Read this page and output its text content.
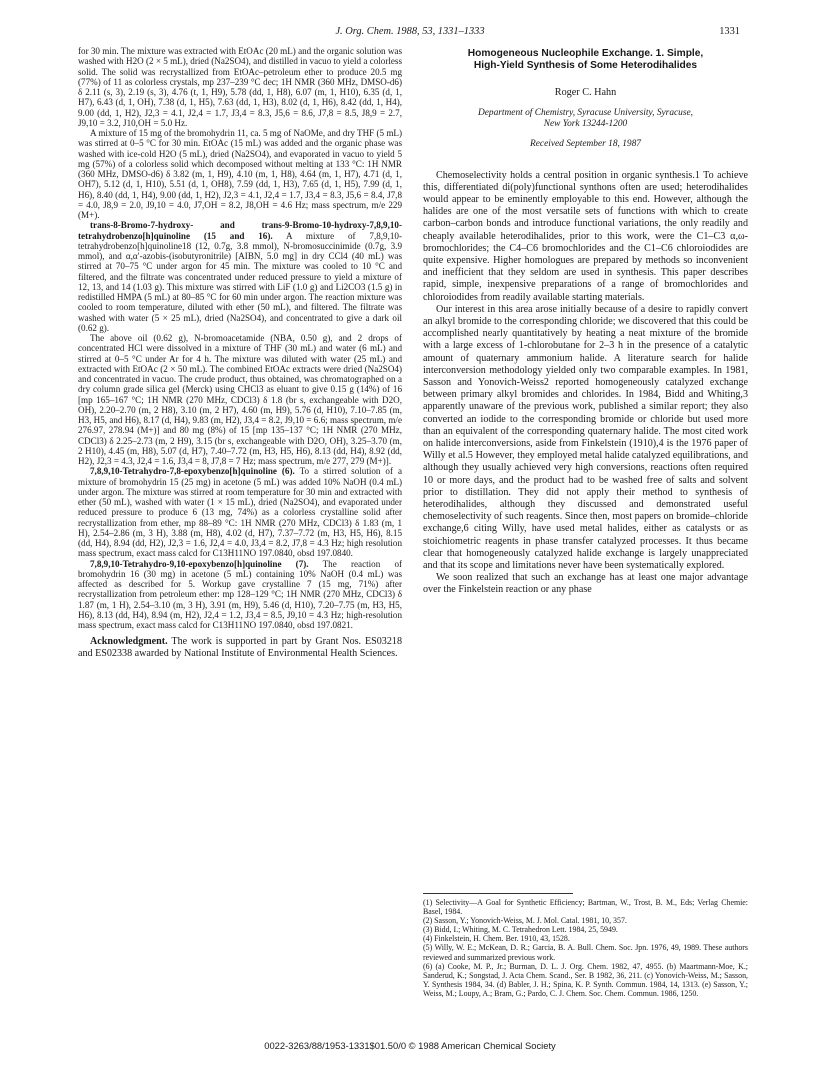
J. Org. Chem. 1988, 53, 1331–1333	1331

for 30 min. The mixture was extracted with EtOAc (20 mL) and the organic solution was washed with H2O (2 × 5 mL), dried (Na2SO4), and distilled in vacuo to yield a colorless solid. The solid was recrystallized from EtOAc–petroleum ether to produce 20.5 mg (77%) of 11 as colorless crystals, mp 237–239 °C dec; 1H NMR (360 MHz, DMSO-d6) δ 2.11 (s, 3), 2.19 (s, 3), 4.76 (t, 1, H9), 5.78 (dd, 1, H8), 6.07 (m, 1, H10), 6.35 (d, 1, H7), 6.43 (d, 1, OH), 7.38 (d, 1, H5), 7.63 (dd, 1, H3), 8.02 (d, 1, H6), 8.42 (dd, 1, H4), 9.00 (dd, 1, H2), J2,3 = 4.1, J2,4 = 1.7, J3,4 = 8.3, J5,6 = 8.6, J7,8 = 8.5, J8,9 = 2.7, J9,10 = 3.2, J10,OH = 5.0 Hz.

A mixture of 15 mg of the bromohydrin 11, ca. 5 mg of NaOMe, and dry THF (5 mL) was stirred at 0–5 °C for 30 min. EtOAc (15 mL) was added and the organic phase was washed with ice-cold H2O (5 mL), dried (Na2SO4), and evaporated in vacuo to yield 5 mg (57%) of a colorless solid which decomposed without melting at 133 °C: 1H NMR (360 MHz, DMSO-d6) δ 3.82 (m, 1, H9), 4.10 (m, 1, H8), 4.64 (m, 1, H7), 4.71 (d, 1, OH7), 5.12 (d, 1, H10), 5.51 (d, 1, OH8), 7.59 (dd, 1, H3), 7.65 (d, 1, H5), 7.99 (d, 1, H6), 8.40 (dd, 1, H4), 9.00 (dd, 1, H2), J2,3 = 4.1, J2,4 = 1.7, J3,4 = 8.3, J5,6 = 8.4, J7,8 = 4.0, J8,9 = 2.0, J9,10 = 4.0, J7,OH = 8.2, J8,OH = 4.6 Hz; mass spectrum, m/e 229 (M+).

trans-8-Bromo-7-hydroxy- and trans-9-Bromo-10-hydroxy-7,8,9,10-tetrahydrobenzo[h]quinoline (15 and 16). A mixture of 7,8,9,10-tetrahydrobenzo[h]quinoline18 (12, 0.7g, 3.8 mmol), N-bromosuccinimide (0.7g, 3.9 mmol), and α,α′-azobis-(isobutyronitrile) [AIBN, 5.0 mg] in dry CCl4 (40 mL) was stirred at 70–75 °C under argon for 45 min. The mixture was cooled to 10 °C and filtered, and the filtrate was concentrated under reduced pressure to yield a mixture of 12, 13, and 14 (1.03 g). This mixture was stirred with LiF (1.0 g) and Li2CO3 (1.5 g) in redistilled HMPA (5 mL) at 80–85 °C for 60 min under argon. The reaction mixture was cooled to room temperature, diluted with ether (50 mL), and filtered. The filtrate was washed with water (5 × 25 mL), dried (Na2SO4), and concentrated to give a dark oil (0.62 g).

The above oil (0.62 g), N-bromoacetamide (NBA, 0.50 g), and 2 drops of concentrated HCl were dissolved in a mixture of THF (30 mL) and water (6 mL) and stirred at 0–5 °C under Ar for 4 h. The mixture was diluted with water (25 mL) and extracted with EtOAc (2 × 50 mL). The combined EtOAc extracts were dried (Na2SO4) and concentrated in vacuo. The crude product, thus obtained, was chromatographed on a dry column grade silica gel (Merck) using CHCl3 as eluant to give 0.15 g (14%) of 16 [mp 165–167 °C; 1H NMR (270 MHz, CDCl3) δ 1.8 (br s, exchangeable with D2O, OH), 2.20–2.70 (m, 2 H8), 3.10 (m, 2 H7), 4.60 (m, H9), 5.76 (d, H10), 7.10–7.85 (m, H3, H5, and H6), 8.17 (d, H4), 9.83 (m, H2), J3,4 = 8.2, J9,10 = 6.6; mass spectrum, m/e 276.97, 278.94 (M+)] and 80 mg (8%) of 15 [mp 135–137 °C; 1H NMR (270 MHz, CDCl3) δ 2.25–2.73 (m, 2 H9), 3.15 (br s, exchangeable with D2O, OH), 3.25–3.70 (m, 2 H10), 4.45 (m, H8), 5.07 (d, H7), 7.40–7.72 (m, H3, H5, H6), 8.13 (dd, H4), 8.92 (dd, H2), J2,3 = 4.3, J2,4 = 1.6, J3,4 = 8, J7,8 = 7 Hz; mass spectrum, m/e 277, 279 (M+)].

7,8,9,10-Tetrahydro-7,8-epoxybenzo[h]quinoline (6). To a stirred solution of a mixture of bromohydrin 15 (25 mg) in acetone (5 mL) was added 10% NaOH (0.4 mL) under argon. The mixture was stirred at room temperature for 30 min and extracted with ether (50 mL), washed with water (1 × 15 mL), dried (Na2SO4), and evaporated under reduced pressure to produce 6 (13 mg, 74%) as a colorless crystalline solid after recrystallization from ether, mp 88–89 °C: 1H NMR (270 MHz, CDCl3) δ 1.83 (m, 1 H), 2.54–2.86 (m, 3 H), 3.88 (m, H8), 4.02 (d, H7), 7.37–7.72 (m, H3, H5, H6), 8.15 (dd, H4), 8.94 (dd, H2), J2,3 = 1.6, J2,4 = 4.0, J3,4 = 8.2, J7,8 = 4.3 Hz; high resolution mass spectrum, exact mass calcd for C13H11NO 197.0840, obsd 197.0840.

7,8,9,10-Tetrahydro-9,10-epoxybenzo[h]quinoline (7). The reaction of bromohydrin 16 (30 mg) in acetone (5 mL) containing 10% NaOH (0.4 mL) was affected as described for 5. Workup gave crystalline 7 (15 mg, 71%) after recrystallization from petroleum ether: mp 128–129 °C; 1H NMR (270 MHz, CDCl3) δ 1.87 (m, 1 H), 2.54–3.10 (m, 3 H), 3.91 (m, H9), 5.46 (d, H10), 7.20–7.75 (m, H3, H5, H6), 8.13 (dd, H4), 8.94 (m, H2), J2,4 = 1.2, J3,4 = 8.5, J9,10 = 4.3 Hz; high-resolution mass spectrum, exact mass calcd for C13H11NO 197.0840, obsd 197.0821.

Acknowledgment. The work is supported in part by Grant Nos. ES03218 and ES02338 awarded by National Institute of Environmental Health Sciences.

Homogeneous Nucleophile Exchange. 1. Simple,
High-Yield Synthesis of Some Heterodihalides
Roger C. Hahn
Department of Chemistry, Syracuse University, Syracuse,
New York 13244-1200
Received September 18, 1987

Chemoselectivity holds a central position in organic synthesis.1 To achieve this, differentiated di(poly)functional synthons often are used; heterodihalides would appear to be eminently employable to this end. However, although the halides are one of the most versatile sets of functions with which to create carbon–carbon bonds and introduce functional variations, the only readily and cheaply available heterodihalides, prior to this work, were the C1–C3 α,ω-bromochlorides; the C4–C6 bromochlorides and the C1–C6 chloroiodides are quite expensive. Higher homologues are prepared by methods so inconvenient and inefficient that they seldom are used in synthesis. This paper describes rapid, simple, inexpensive preparations of a range of bromochlorides and chloroiodides from readily available starting materials.

Our interest in this area arose initially because of a desire to rapidly convert an alkyl bromide to the corresponding chloride; we discovered that this could be accomplished nearly quantitatively by heating a neat mixture of the bromide with a large excess of 1-chlorobutane for 2–3 h in the presence of a catalytic amount of quaternary ammonium halide. A literature search for halide interconversion methodology yielded only two comparable examples. In 1981, Sasson and Yonovich-Weiss2 reported homogeneously catalyzed exchange between primary alkyl bromides and chlorides. In 1984, Bidd and Whiting,3 apparently unaware of the previous work, published a similar report; they also converted an iodide to the corresponding bromide or chloride but used more than an equivalent of the corresponding quaternary halide. The most cited work on halide interconversions, aside from Finkelstein (1910),4 is the 1976 paper of Willy et al.5 However, they employed metal halide catalyzed equilibrations, and although they usually achieved very high conversions, reactions often required 10 or more days, and the product had to be washed free of salts and solvent prior to distillation. They did not apply their method to synthesis of heterodihalides, although they discussed and demonstrated useful chemoselectivity of such reagents. Since then, most papers on bromide–chloride exchange,6 citing Willy, have used metal halides, either as catalysts or as stoichiometric reagents in phase transfer catalyzed processes. It thus became clear that homogeneously catalyzed halide exchange is largely unappreciated and that its scope and limitations never have been systematically explored.

We soon realized that such an exchange has at least one major advantage over the Finkelstein reaction or any phase

(1) Selectivity—A Goal for Synthetic Efficiency; Bartman, W., Trost, B. M., Eds; Verlag Chemie: Basel, 1984.

(2) Sasson, Y.; Yonovich-Weiss, M. J. Mol. Catal. 1981, 10, 357.

(3) Bidd, I.; Whiting, M. C. Tetrahedron Lett. 1984, 25, 5949.

(4) Finkelstein, H. Chem. Ber. 1910, 43, 1528.

(5) Willy, W. E.; McKean, D. R.; Garcia, B. A. Bull. Chem. Soc. Jpn. 1976, 49, 1989. These authors reviewed and summarized previous work.

(6) (a) Cooke, M. P., Jr.; Burman, D. L. J. Org. Chem. 1982, 47, 4955. (b) Maartmann-Moe, K.; Sanderud, K.; Songstad, J. Acta Chem. Scand., Ser. B 1982, 36, 211. (c) Yonovich-Weiss, M.; Sasson, Y. Synthesis 1984, 34. (d) Babler, J. H.; Spina, K. P. Synth. Commun. 1984, 14, 1313. (e) Sasson, Y.; Weiss, M.; Loupy, A.; Bram, G.; Pardo, C. J. Chem. Soc. Chem. Commun. 1986, 1250.

0022-3263/88/1953-1331$01.50/0 © 1988 American Chemical Society
